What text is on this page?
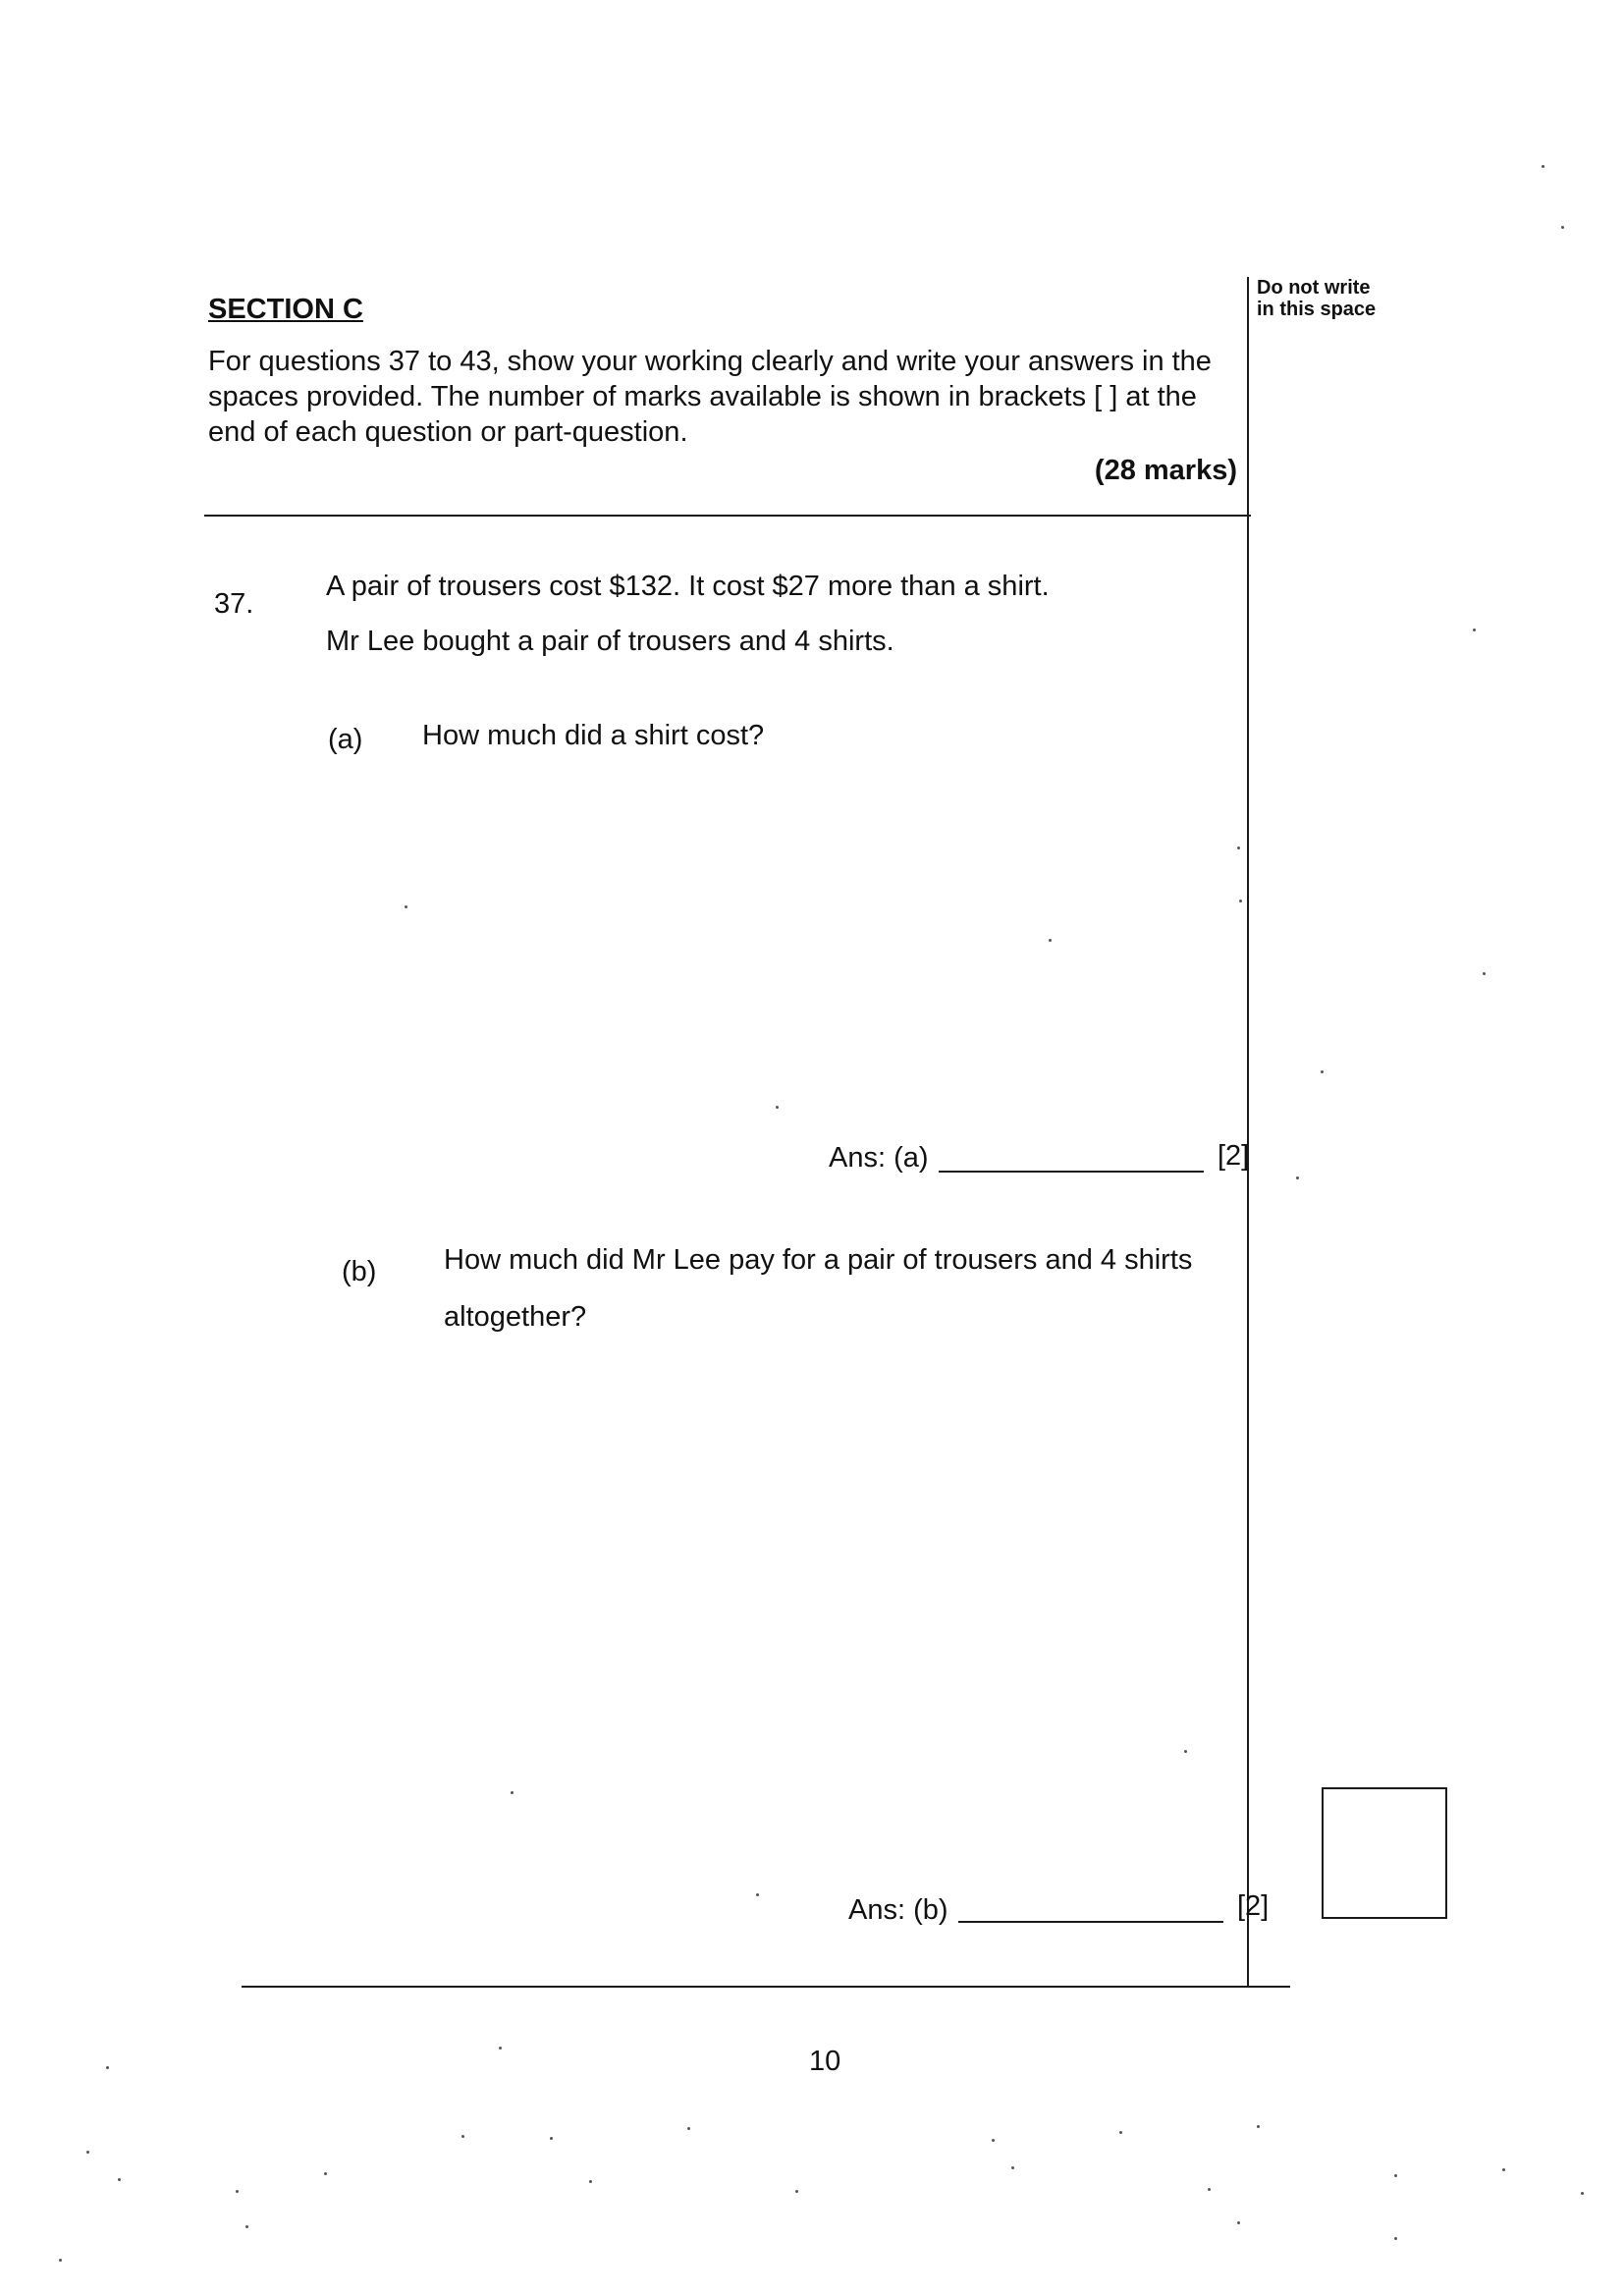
SECTION C
For questions 37 to 43, show your working clearly and write your answers in the spaces provided. The number of marks available is shown in brackets [ ] at the end of each question or part-question.
(28 marks)
Do not write
in this space
37.
A pair of trousers cost $132. It cost $27 more than a shirt.
Mr Lee bought a pair of trousers and 4 shirts.
(a) How much did a shirt cost?
Ans: (a)	[2]
(b) How much did Mr Lee pay for a pair of trousers and 4 shirts
altogether?
Ans: (b)	[2]
10
